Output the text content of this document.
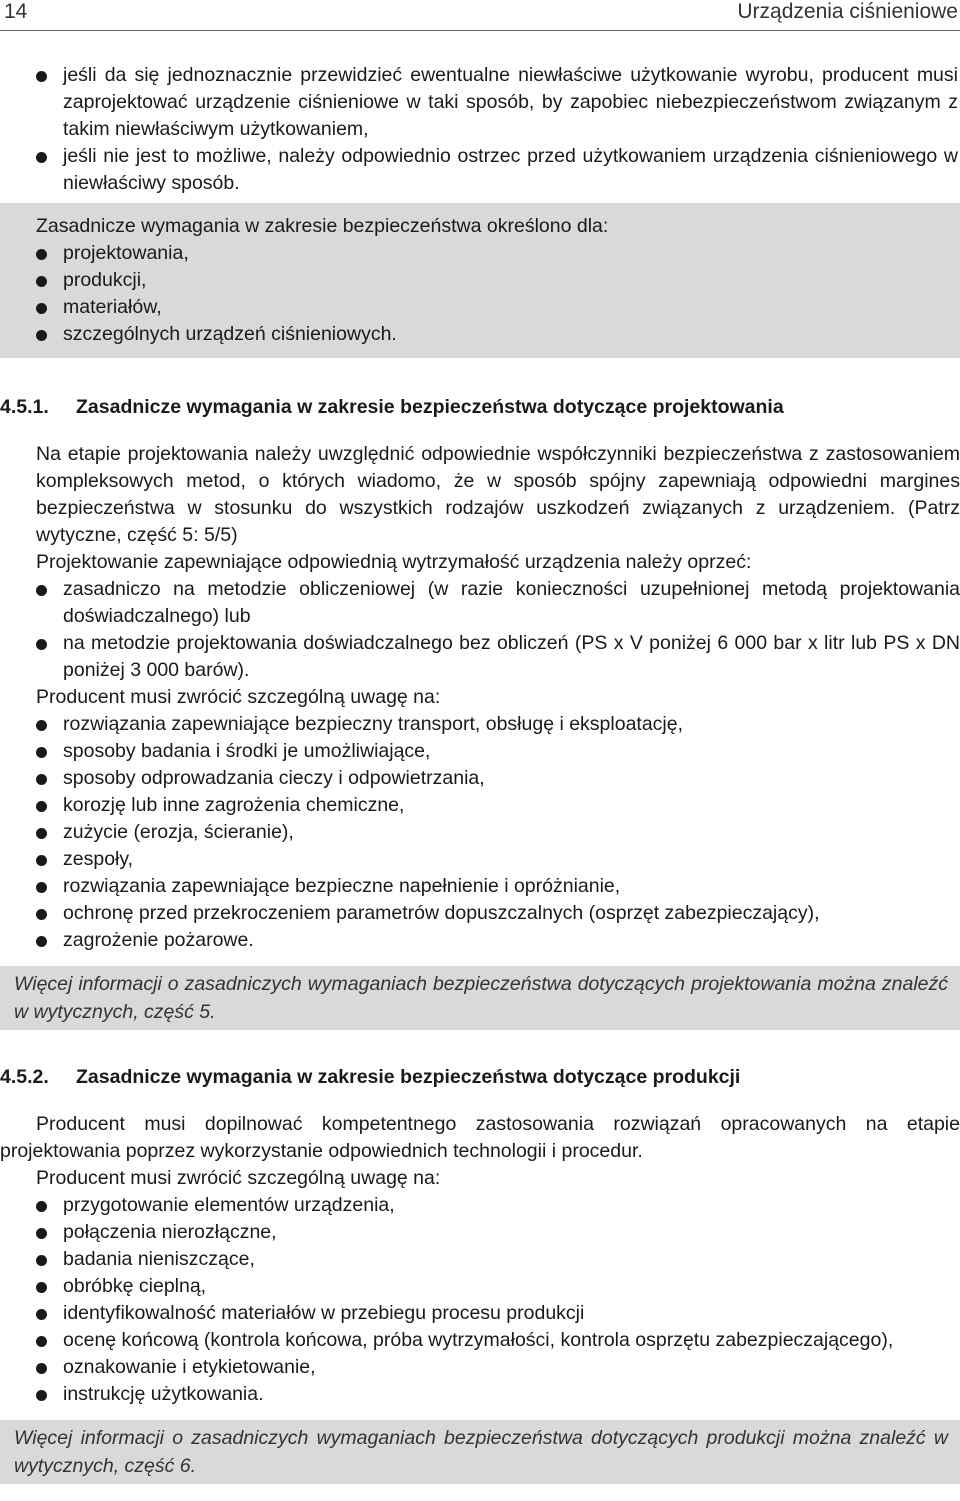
14	Urządzenia ciśnieniowe
jeśli da się jednoznacznie przewidzieć ewentualne niewłaściwe użytkowanie wyrobu, producent musi zaprojektować urządzenie ciśnieniowe w taki sposób, by zapobiec niebezpieczeństwom związanym z takim niewłaściwym użytkowaniem,
jeśli nie jest to możliwe, należy odpowiednio ostrzec przed użytkowaniem urządzenia ciśnieniowego w niewłaściwy sposób.
Zasadnicze wymagania w zakresie bezpieczeństwa określono dla:
projektowania,
produkcji,
materiałów,
szczególnych urządzeń ciśnieniowych.
4.5.1. Zasadnicze wymagania w zakresie bezpieczeństwa dotyczące projektowania
Na etapie projektowania należy uwzględnić odpowiednie współczynniki bezpieczeństwa z zastosowaniem kompleksowych metod, o których wiadomo, że w sposób spójny zapewniają odpowiedni margines bezpieczeństwa w stosunku do wszystkich rodzajów uszkodzeń związanych z urządzeniem. (Patrz wytyczne, część 5: 5/5)
Projektowanie zapewniające odpowiednią wytrzymałość urządzenia należy oprzeć:
zasadniczo na metodzie obliczeniowej (w razie konieczności uzupełnionej metodą projektowania doświadczalnego) lub
na metodzie projektowania doświadczalnego bez obliczeń (PS x V poniżej 6 000 bar x litr lub PS x DN poniżej 3 000 barów).
Producent musi zwrócić szczególną uwagę na:
rozwiązania zapewniające bezpieczny transport, obsługę i eksploatację,
sposoby badania i środki je umożliwiające,
sposoby odprowadzania cieczy i odpowietrzania,
korozję lub inne zagrożenia chemiczne,
zużycie (erozja, ścieranie),
zespoły,
rozwiązania zapewniające bezpieczne napełnienie i opróżnianie,
ochronę przed przekroczeniem parametrów dopuszczalnych (osprzęt zabezpieczający),
zagrożenie pożarowe.
Więcej informacji o zasadniczych wymaganiach bezpieczeństwa dotyczących projektowania można znaleźć w wytycznych, część 5.
4.5.2. Zasadnicze wymagania w zakresie bezpieczeństwa dotyczące produkcji
Producent musi dopilnować kompetentnego zastosowania rozwiązań opracowanych na etapie projektowania poprzez wykorzystanie odpowiednich technologii i procedur.
Producent musi zwrócić szczególną uwagę na:
przygotowanie elementów urządzenia,
połączenia nierozłączne,
badania nieniszczące,
obróbkę cieplną,
identyfikowalność materiałów w przebiegu procesu produkcji
ocenę końcową (kontrola końcowa, próba wytrzymałości, kontrola osprzętu zabezpieczającego),
oznakowanie i etykietowanie,
instrukcję użytkowania.
Więcej informacji o zasadniczych wymaganiach bezpieczeństwa dotyczących produkcji można znaleźć w wytycznych, część 6.
